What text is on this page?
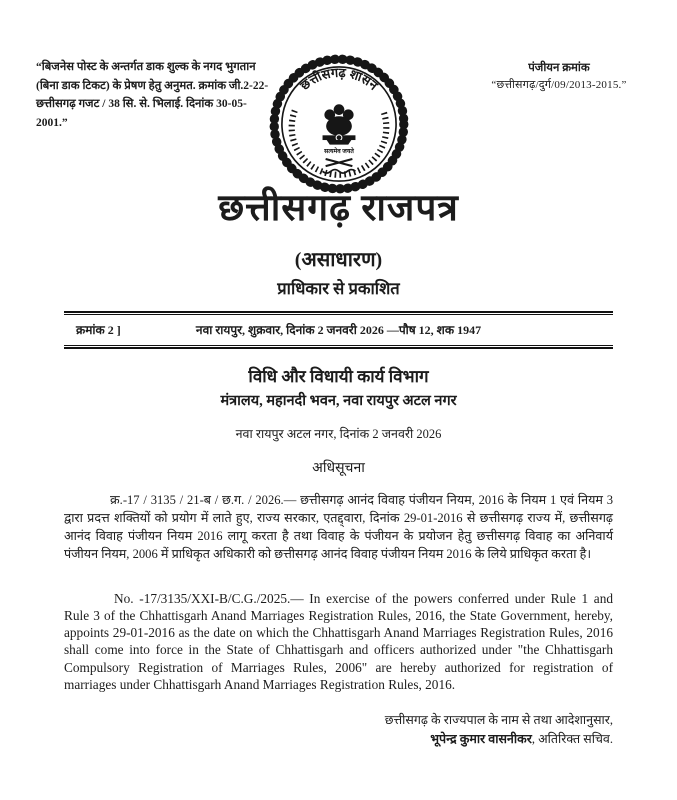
“बिजनेस पोस्ट के अन्तर्गत डाक शुल्क के नगद भुगतान (बिना डाक टिकट) के प्रेषण हेतु अनुमत. क्रमांक जी.2-22-छत्तीसगढ़ गजट / 38 सि. से. भिलाई. दिनांक 30-05-2001.”
पंजीयन क्रमांक
“छत्तीसगढ़/दुर्ग/09/2013-2015.”
छत्तीसगढ़ शासन
सत्यमेव जयते
छत्तीसगढ़ राजपत्र
(असाधारण)
प्राधिकार से प्रकाशित
क्रमांक 2 ]	नवा रायपुर, शुक्रवार, दिनांक 2 जनवरी 2026 —पौष 12, शक 1947
विधि और विधायी कार्य विभाग
मंत्रालय, महानदी भवन, नवा रायपुर अटल नगर
नवा रायपुर अटल नगर, दिनांक 2 जनवरी 2026
अधिसूचना

क्र.-17 / 3135 / 21-ब / छ.ग. / 2026.— छत्तीसगढ़ आनंद विवाह पंजीयन नियम, 2016 के नियम 1 एवं नियम 3 द्वारा प्रदत्त शक्तियों को प्रयोग में लाते हुए, राज्य सरकार, एतद्द्वारा, दिनांक 29-01-2016 से छत्तीसगढ़ राज्य में, छत्तीसगढ़ आनंद विवाह पंजीयन नियम 2016 लागू करता है तथा विवाह के पंजीयन के प्रयोजन हेतु छत्तीसगढ़ विवाह का अनिवार्य पंजीयन नियम, 2006 में प्राधिकृत अधिकारी को छत्तीसगढ़ आनंद विवाह पंजीयन नियम 2016 के लिये प्राधिकृत करता है।

No. -17/3135/XXI-B/C.G./2025.— In exercise of the powers conferred under Rule 1 and Rule 3 of the Chhattisgarh Anand Marriages Registration Rules, 2016, the State Government, hereby, appoints 29-01-2016 as the date on which the Chhattisgarh Anand Marriages Registration Rules, 2016 shall come into force in the State of Chhattisgarh and officers authorized under "the Chhattisgarh Compulsory Registration of Marriages Rules, 2006" are hereby authorized for registration of marriages under Chhattisgarh Anand Marriages Registration Rules, 2016.

छत्तीसगढ़ के राज्यपाल के नाम से तथा आदेशानुसार,
भूपेन्द्र कुमार वासनीकर, अतिरिक्त सचिव.
